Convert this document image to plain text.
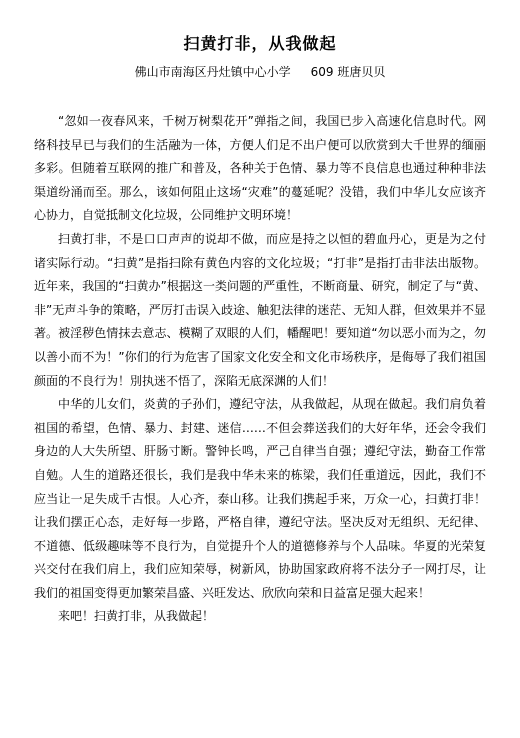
扫黄打非，从我做起
佛山市南海区丹灶镇中心小学 609 班唐贝贝

“忽如一夜春风来，千树万树梨花开”弹指之间，我国已步入高速化信息时代。网络科技早已与我们的生活融为一体，方便人们足不出户便可以欣赏到大千世界的缅丽多彩。但随着互联网的推广和普及，各种关于色情、暴力等不良信息也通过种种非法渠道纷涌而至。那么，该如何阻止这场“灾难”的蔓延呢？没错，我们中华儿女应该齐心协力，自觉抵制文化垃圾，公同维护文明环境！

扫黄打非，不是口口声声的说却不做，而应是持之以恒的碧血丹心，更是为之付诸实际行动。“扫黄”是指扫除有黄色内容的文化垃圾；“打非”是指打击非法出版物。近年来，我国的“扫黄办”根据这一类问题的严重性，不断商量、研究，制定了与“黄、非”无声斗争的策略，严厉打击误入歧途、触犯法律的迷茫、无知人群，但效果并不显著。被淫秽色情抹去意志、模糊了双眼的人们，幡醒吧！要知道“勿以恶小而为之，勿以善小而不为！”你们的行为危害了国家文化安全和文化市场秩序，是侮辱了我们祖国颜面的不良行为！別执迷不悟了，深陷无底深渊的人们！

中华的儿女们，炎黄的子孙们，遵纪守法，从我做起，从现在做起。我们肩负着祖国的希望，色情、暴力、封建、迷信……不但会葬送我们的大好年华，还会令我们身边的人大失所望、肝肠寸断。警钟长鸣，严己自律当自强；遵纪守法，勤奋工作常自勉。人生的道路还很长，我们是我中华未来的栋梁，我们任重道远，因此，我们不应当让一足失成千古恨。人心齐，泰山移。让我们携起手来，万众一心，扫黄打非！让我们摆正心态，走好每一步路，严格自律，遵纪守法。坚决反对无组织、无纪律、不道德、低级趣味等不良行为，自觉提升个人的道德修养与个人品味。华夏的光荣复兴交付在我们肩上，我们应知荣辱，树新风，协助国家政府将不法分子一网打尽，让我们的祖国变得更加繁荣昌盛、兴旺发达、欣欣向荣和日益富足强大起来！

来吧！扫黄打非，从我做起！
